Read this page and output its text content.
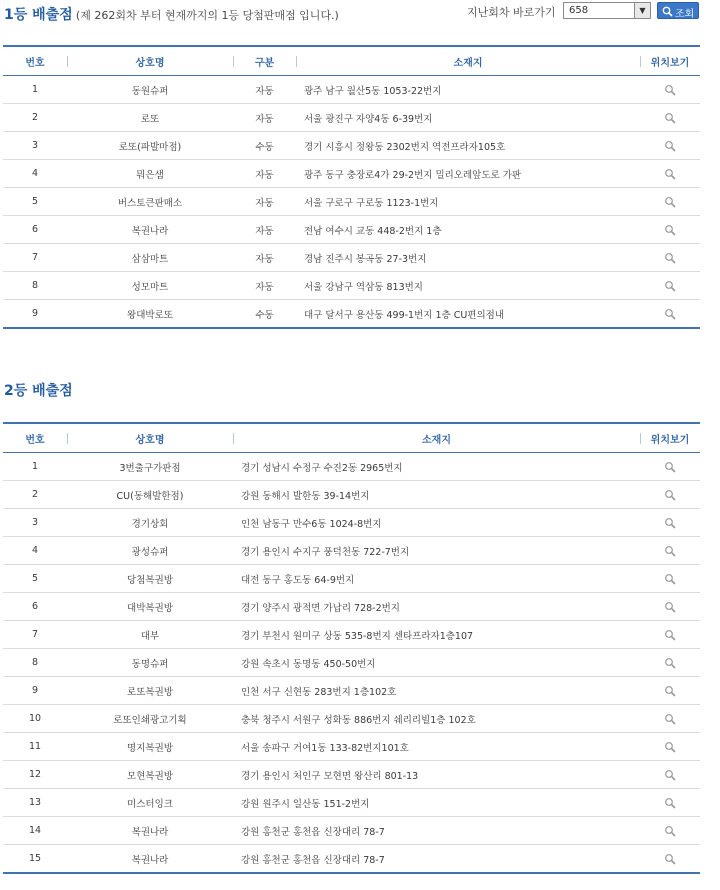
1등 배출점 (제 262회차 부터 현재까지의 1등 당첨판매점 입니다.)	지난회차 바로가기 658	▼	조회
번호	상호명	구분	소재지	위치보기
1	동원슈퍼	자동	광주 남구 월산5동 1053-22번지	
2	로또	자동	서울 광진구 자양4동 6-39번지	
3	로또(파발마점)	수동	경기 시흥시 정왕동 2302번지 역전프라자105호	
4	뭐은샘	자동	광주 동구 충장로4가 29-2번지 밀리오레앞도로 가판	
5	버스토큰판매소	자동	서울 구로구 구로동 1123-1번지	
6	복권나라	자동	전남 여수시 교동 448-2번지 1층	
7	삼삼마트	자동	경남 진주시 봉곡동 27-3번지	
8	성모마트	자동	서울 강남구 역삼동 813번지	
9	왕대박로또	수동	대구 달서구 용산동 499-1번지 1층 CU편의점내	
2등 배출점
번호	상호명	소재지	위치보기
1	3번출구가판점	경기 성남시 수정구 수진2동 2965번지	
2	CU(동해발한점)	강원 동해시 발한동 39-14번지	
3	경기상회	인천 남동구 만수6동 1024-8번지	
4	광성슈퍼	경기 용인시 수지구 풍덕천동 722-7번지	
5	당첨복권방	대전 동구 홍도동 64-9번지	
6	대박복권방	경기 양주시 광적면 가납리 728-2번지	
7	대부	경기 부천시 원미구 상동 535-8번지 센타프라자1층107	
8	동명슈퍼	강원 속초시 동명동 450-50번지	
9	로또복권방	인천 서구 신현동 283번지 1층102호	
10	로또인쇄광고기획	충북 청주시 서원구 성화동 886번지 쉐리리빌1층 102호	
11	명지복권방	서울 송파구 거여1동 133-82번지101호	
12	모현복권방	경기 용인시 처인구 모현면 왕산리 801-13	
13	미스터잉크	강원 원주시 일산동 151-2번지	
14	복권나라	강원 홍천군 홍천읍 신장대리 78-7	
15	복권나라	강원 홍천군 홍천읍 신장대리 78-7	
